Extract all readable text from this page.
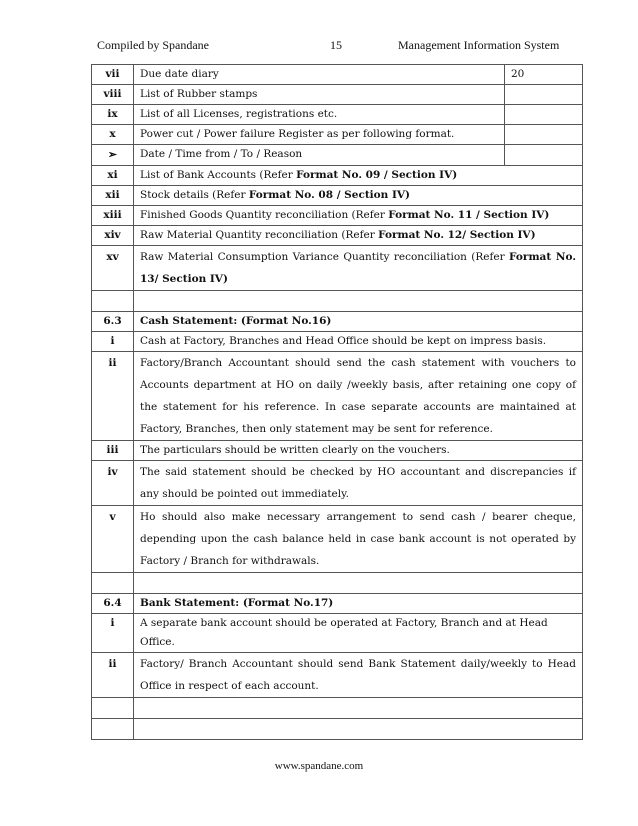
Compiled by Spandane	15	Management Information System
vii	Due date diary	20
viii	List of Rubber stamps	
ix	List of all Licenses, registrations etc.	
x	Power cut / Power failure Register as per following format.	
➢	Date / Time from / To / Reason	
xi	List of Bank Accounts (Refer Format No. 09 / Section IV)	
xii	Stock details (Refer Format No. 08 / Section IV)	
xiii	Finished Goods Quantity reconciliation (Refer Format No. 11 / Section IV)	
xiv	Raw Material Quantity reconciliation (Refer Format No. 12/ Section IV)	
xv	Raw Material Consumption Variance Quantity reconciliation (Refer Format No. 13/ Section IV)	

6.3	Cash Statement: (Format No.16)	
i	Cash at Factory, Branches and Head Office should be kept on impress basis.	
ii	Factory/Branch Accountant should send the cash statement with vouchers to Accounts department at HO on daily /weekly basis, after retaining one copy of the statement for his reference. In case separate accounts are maintained at Factory, Branches, then only statement may be sent for reference.	
iii	The particulars should be written clearly on the vouchers.	
iv	The said statement should be checked by HO accountant and discrepancies if any should be pointed out immediately.	
v	Ho should also make necessary arrangement to send cash / bearer cheque, depending upon the cash balance held in case bank account is not operated by Factory / Branch for withdrawals.	

6.4	Bank Statement: (Format No.17)	
i	A separate bank account should be operated at Factory, Branch and at Head Office.	
ii	Factory/ Branch Accountant should send Bank Statement daily/weekly to Head Office in respect of each account.	

www.spandane.com
